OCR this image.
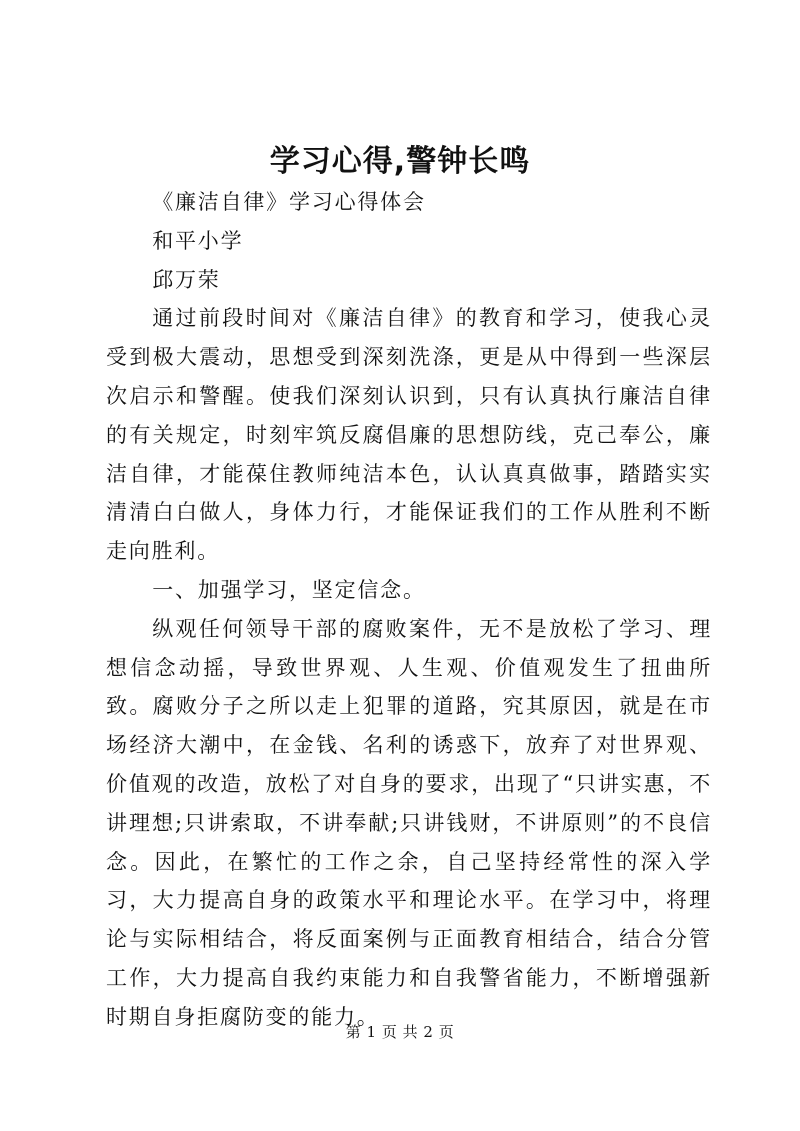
学习心得,警钟长鸣

《廉洁自律》学习心得体会

和平小学

邱万荣

通过前段时间对《廉洁自律》的教育和学习，使我心灵受到极大震动，思想受到深刻洗涤，更是从中得到一些深层次启示和警醒。使我们深刻认识到，只有认真执行廉洁自律的有关规定，时刻牢筑反腐倡廉的思想防线，克己奉公，廉洁自律，才能葆住教师纯洁本色，认认真真做事，踏踏实实清清白白做人，身体力行，才能保证我们的工作从胜利不断走向胜利。

一、加强学习，坚定信念。

纵观任何领导干部的腐败案件，无不是放松了学习、理想信念动摇，导致世界观、人生观、价值观发生了扭曲所致。腐败分子之所以走上犯罪的道路，究其原因，就是在市场经济大潮中，在金钱、名利的诱惑下，放弃了对世界观、价值观的改造，放松了对自身的要求，出现了“只讲实惠，不讲理想;只讲索取，不讲奉献;只讲钱财，不讲原则”的不良信念。因此，在繁忙的工作之余，自己坚持经常性的深入学习，大力提高自身的政策水平和理论水平。在学习中，将理论与实际相结合，将反面案例与正面教育相结合，结合分管工作，大力提高自我约束能力和自我警省能力，不断增强新时期自身拒腐防变的能力。

第 1 页 共 2 页
